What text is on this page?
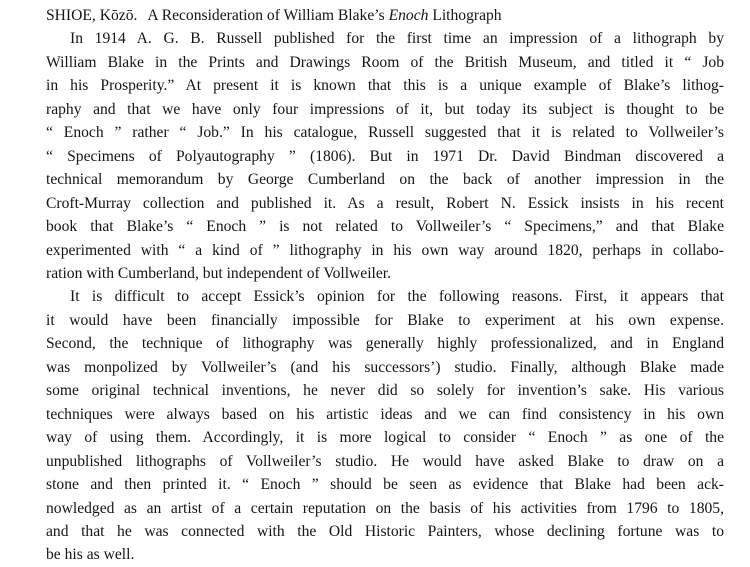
SHIOE, Kōzō. A Reconsideration of William Blake’s Enoch Lithograph

In 1914 A. G. B. Russell published for the first time an impression of a lithograph by
William Blake in the Prints and Drawings Room of the British Museum, and titled it “ Job
in his Prosperity.” At present it is known that this is a unique example of Blake’s lithog-
raphy and that we have only four impressions of it, but today its subject is thought to be
“ Enoch ” rather “ Job.” In his catalogue, Russell suggested that it is related to Vollweiler’s
“ Specimens of Polyautography ” (1806). But in 1971 Dr. David Bindman discovered a
technical memorandum by George Cumberland on the back of another impression in the
Croft-Murray collection and published it. As a result, Robert N. Essick insists in his recent
book that Blake’s “ Enoch ” is not related to Vollweiler’s “ Specimens,” and that Blake
experimented with “ a kind of ” lithography in his own way around 1820, perhaps in collabo-
ration with Cumberland, but independent of Vollweiler.
It is difficult to accept Essick’s opinion for the following reasons. First, it appears that
it would have been financially impossible for Blake to experiment at his own expense.
Second, the technique of lithography was generally highly professionalized, and in England
was monpolized by Vollweiler’s (and his successors’) studio. Finally, although Blake made
some original technical inventions, he never did so solely for invention’s sake. His various
techniques were always based on his artistic ideas and we can find consistency in his own
way of using them. Accordingly, it is more logical to consider “ Enoch ” as one of the
unpublished lithographs of Vollweiler’s studio. He would have asked Blake to draw on a
stone and then printed it. “ Enoch ” should be seen as evidence that Blake had been ack-
nowledged as an artist of a certain reputation on the basis of his activities from 1796 to 1805,
and that he was connected with the Old Historic Painters, whose declining fortune was to
be his as well.
